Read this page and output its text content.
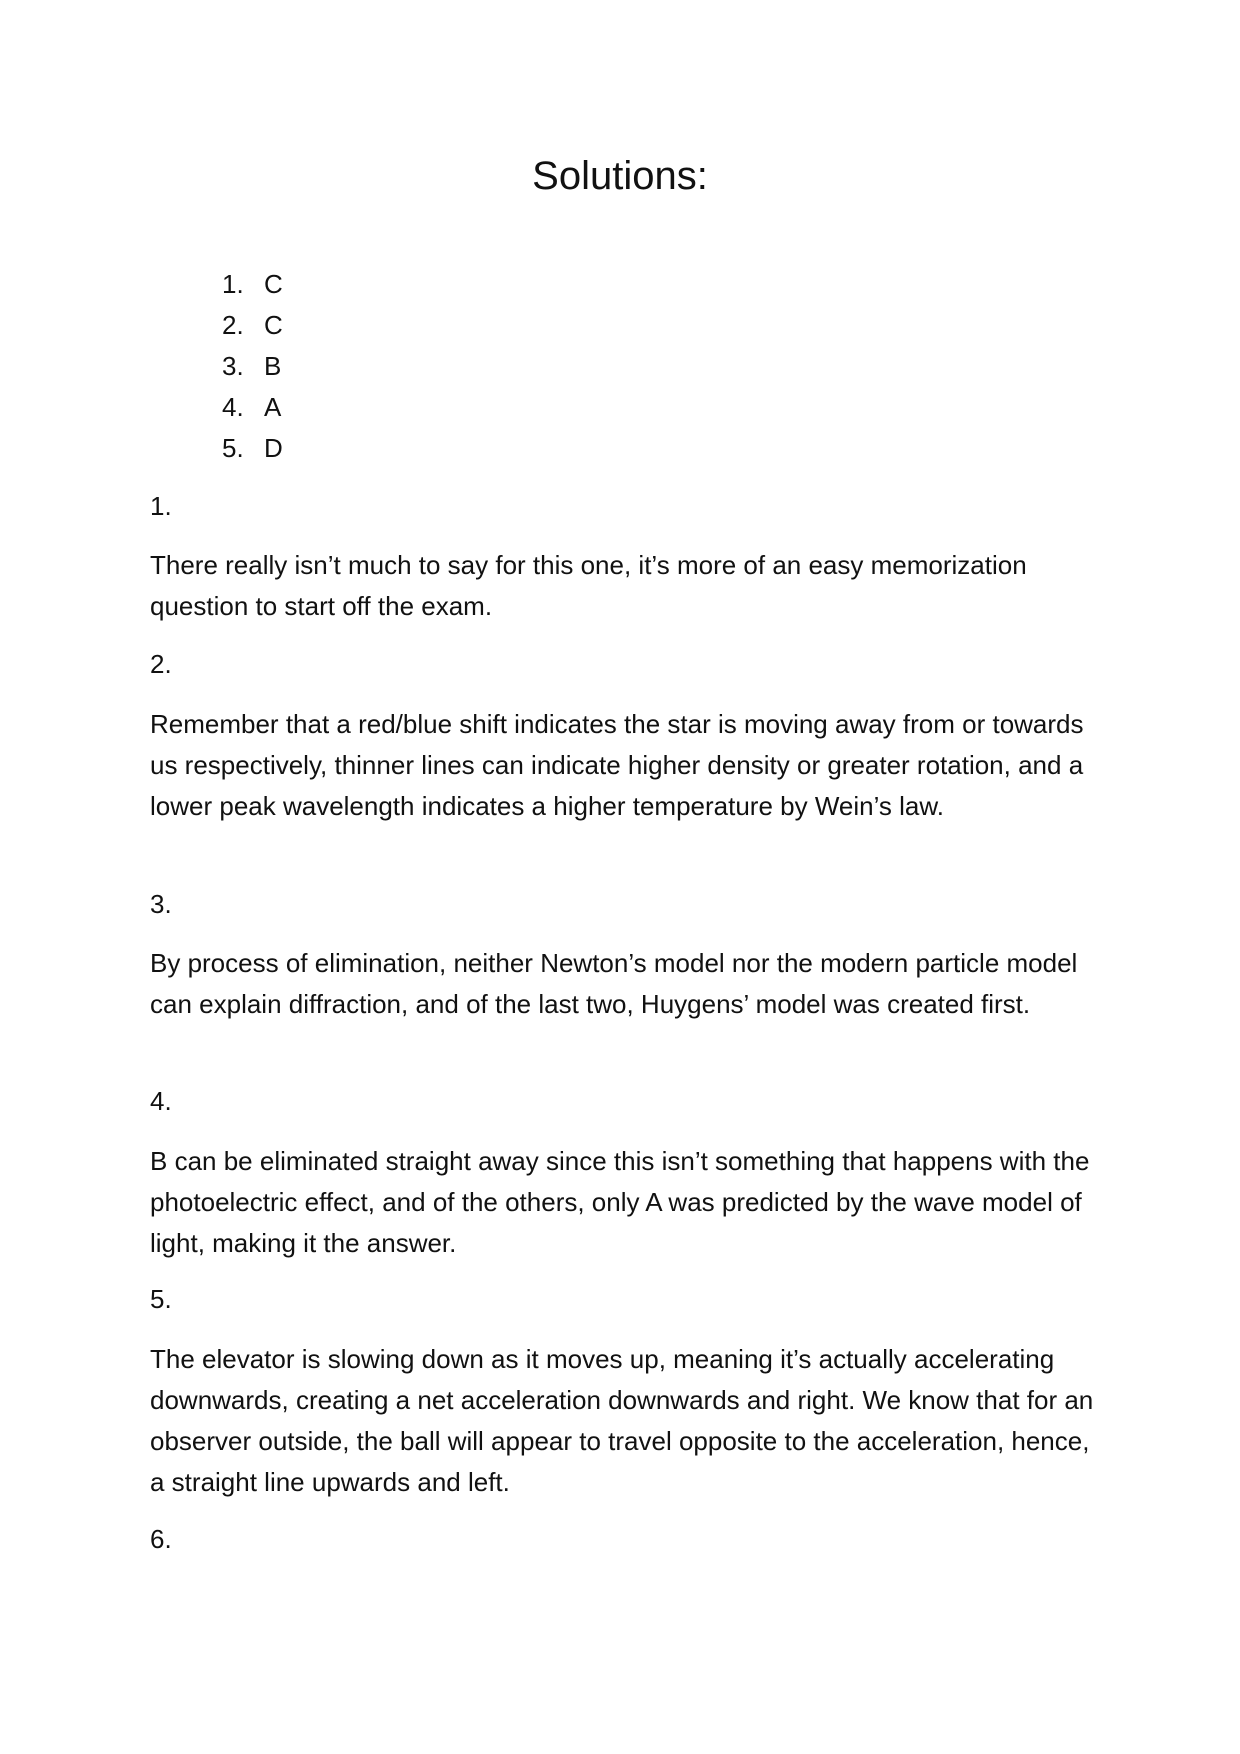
Solutions:
1. C
2. C
3. B
4. A
5. D

1.

There really isn’t much to say for this one, it’s more of an easy memorization question to start off the exam.

2.

Remember that a red/blue shift indicates the star is moving away from or towards us respectively, thinner lines can indicate higher density or greater rotation, and a lower peak wavelength indicates a higher temperature by Wein’s law.

3.

By process of elimination, neither Newton’s model nor the modern particle model can explain diffraction, and of the last two, Huygens’ model was created first.

4.

B can be eliminated straight away since this isn’t something that happens with the photoelectric effect, and of the others, only A was predicted by the wave model of light, making it the answer.

5.

The elevator is slowing down as it moves up, meaning it’s actually accelerating downwards, creating a net acceleration downwards and right. We know that for an observer outside, the ball will appear to travel opposite to the acceleration, hence, a straight line upwards and left.

6.
